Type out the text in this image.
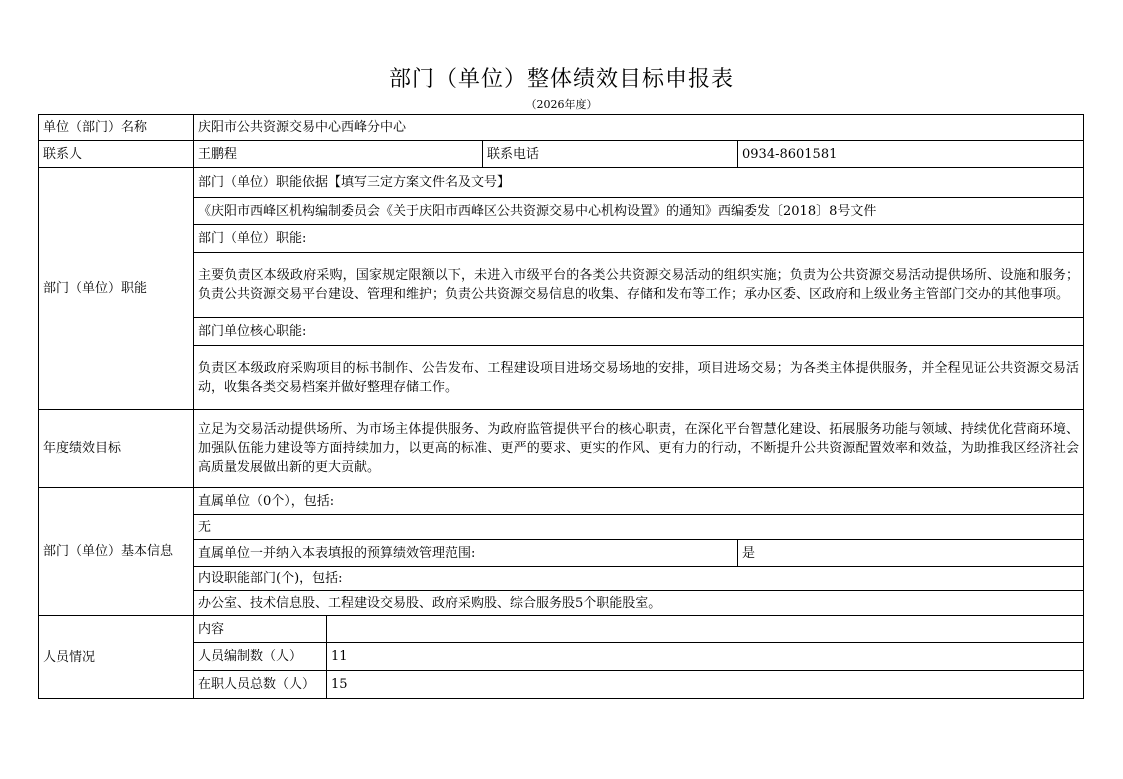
部门（单位）整体绩效目标申报表
（2026年度）
单位（部门）名称	庆阳市公共资源交易中心西峰分中心
联系人	王鹏程	联系电话	0934-8601581
部门（单位）职能
部门（单位）职能依据【填写三定方案文件名及文号】
《庆阳市西峰区机构编制委员会《关于庆阳市西峰区公共资源交易中心机构设置》的通知》西编委发〔2018〕8号文件
部门（单位）职能:
主要负责区本级政府采购，国家规定限额以下，未进入市级平台的各类公共资源交易活动的组织实施；负责为公共资源交易活动提供场所、设施和服务；负责公共资源交易平台建设、管理和维护；负责公共资源交易信息的收集、存储和发布等工作；承办区委、区政府和上级业务主管部门交办的其他事项。
部门单位核心职能:
负责区本级政府采购项目的标书制作、公告发布、工程建设项目进场交易场地的安排，项目进场交易；为各类主体提供服务，并全程见证公共资源交易活动，收集各类交易档案并做好整理存储工作。
年度绩效目标
立足为交易活动提供场所、为市场主体提供服务、为政府监管提供平台的核心职责，在深化平台智慧化建设、拓展服务功能与领域、持续优化营商环境、加强队伍能力建设等方面持续加力，以更高的标准、更严的要求、更实的作风、更有力的行动，不断提升公共资源配置效率和效益，为助推我区经济社会高质量发展做出新的更大贡献。
部门（单位）基本信息
直属单位（0个），包括:
无
直属单位一并纳入本表填报的预算绩效管理范围:	是
内设职能部门(个)，包括:
办公室、技术信息股、工程建设交易股、政府采购股、综合服务股5个职能股室。
人员情况
内容
人员编制数（人）	11
在职人员总数（人）	15
